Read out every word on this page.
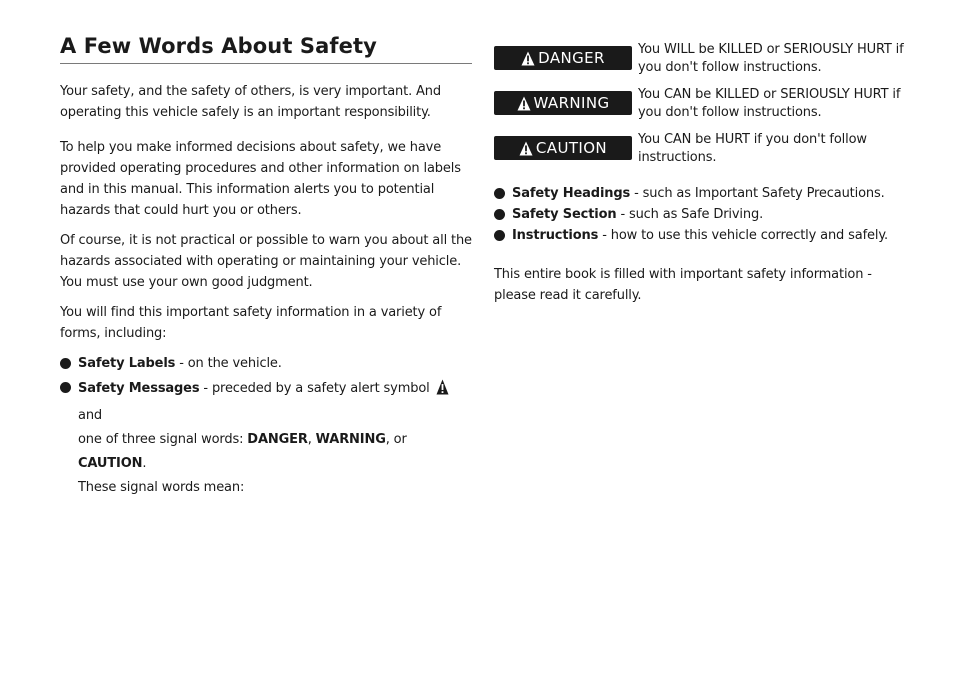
A Few Words About Safety

Your safety, and the safety of others, is very important. And operating this vehicle safely is an important responsibility.

To help you make informed decisions about safety, we have provided operating procedures and other information on labels and in this manual. This information alerts you to potential hazards that could hurt you or others.

Of course, it is not practical or possible to warn you about all the hazards associated with operating or maintaining your vehicle. You must use your own good judgment.

You will find this important safety information in a variety of forms, including:

Safety Labels - on the vehicle.
Safety Messages - preceded by a safety alert symbol  and
one of three signal words: DANGER, WARNING, or CAUTION.
These signal words mean:
DANGER	You WILL be KILLED or SERIOUSLY HURT if you don't follow instructions.
WARNING You CAN be KILLED or SERIOUSLY HURT if you don't follow instructions.
CAUTION You CAN be HURT if you don't follow instructions.
Safety Headings - such as Important Safety Precautions.
Safety Section - such as Safe Driving.
Instructions - how to use this vehicle correctly and safely.

This entire book is filled with important safety information - please read it carefully.
